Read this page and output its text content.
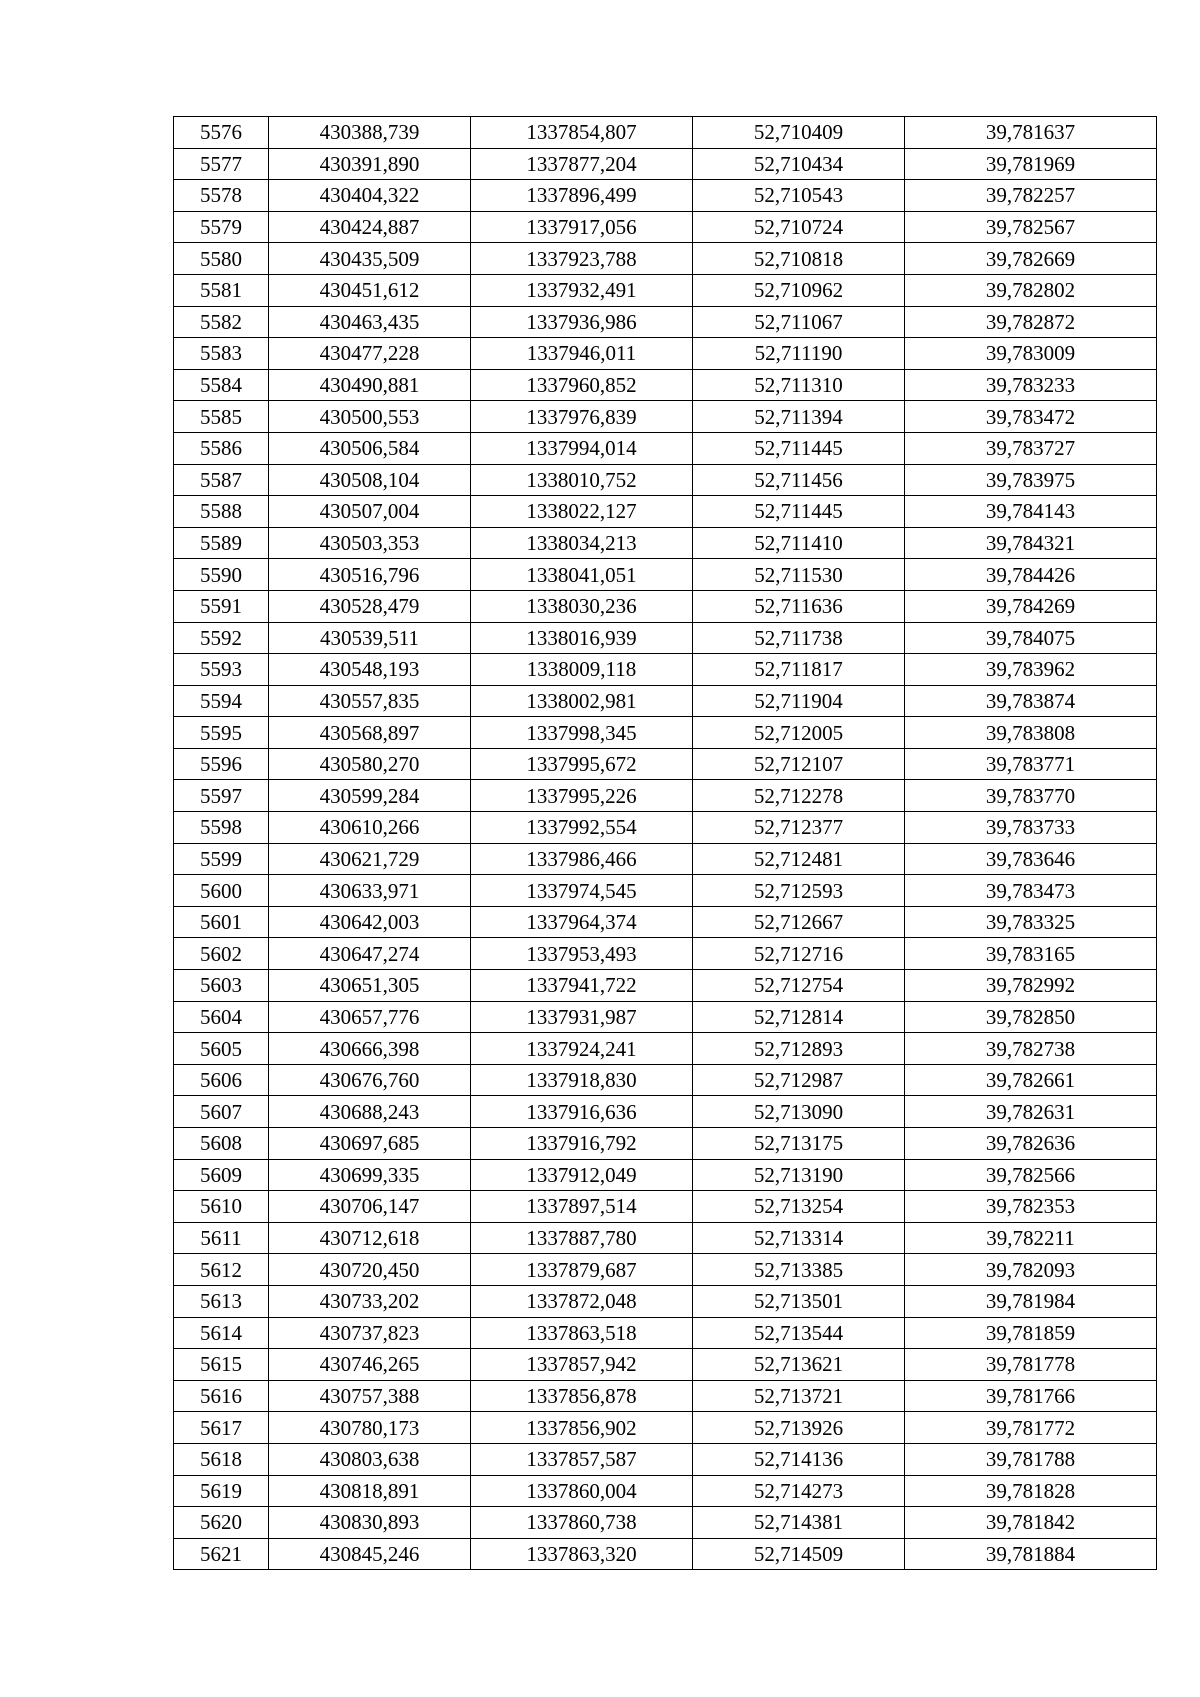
5576	430388,739	1337854,807	52,710409	39,781637
5577	430391,890	1337877,204	52,710434	39,781969
5578	430404,322	1337896,499	52,710543	39,782257
5579	430424,887	1337917,056	52,710724	39,782567
5580	430435,509	1337923,788	52,710818	39,782669
5581	430451,612	1337932,491	52,710962	39,782802
5582	430463,435	1337936,986	52,711067	39,782872
5583	430477,228	1337946,011	52,711190	39,783009
5584	430490,881	1337960,852	52,711310	39,783233
5585	430500,553	1337976,839	52,711394	39,783472
5586	430506,584	1337994,014	52,711445	39,783727
5587	430508,104	1338010,752	52,711456	39,783975
5588	430507,004	1338022,127	52,711445	39,784143
5589	430503,353	1338034,213	52,711410	39,784321
5590	430516,796	1338041,051	52,711530	39,784426
5591	430528,479	1338030,236	52,711636	39,784269
5592	430539,511	1338016,939	52,711738	39,784075
5593	430548,193	1338009,118	52,711817	39,783962
5594	430557,835	1338002,981	52,711904	39,783874
5595	430568,897	1337998,345	52,712005	39,783808
5596	430580,270	1337995,672	52,712107	39,783771
5597	430599,284	1337995,226	52,712278	39,783770
5598	430610,266	1337992,554	52,712377	39,783733
5599	430621,729	1337986,466	52,712481	39,783646
5600	430633,971	1337974,545	52,712593	39,783473
5601	430642,003	1337964,374	52,712667	39,783325
5602	430647,274	1337953,493	52,712716	39,783165
5603	430651,305	1337941,722	52,712754	39,782992
5604	430657,776	1337931,987	52,712814	39,782850
5605	430666,398	1337924,241	52,712893	39,782738
5606	430676,760	1337918,830	52,712987	39,782661
5607	430688,243	1337916,636	52,713090	39,782631
5608	430697,685	1337916,792	52,713175	39,782636
5609	430699,335	1337912,049	52,713190	39,782566
5610	430706,147	1337897,514	52,713254	39,782353
5611	430712,618	1337887,780	52,713314	39,782211
5612	430720,450	1337879,687	52,713385	39,782093
5613	430733,202	1337872,048	52,713501	39,781984
5614	430737,823	1337863,518	52,713544	39,781859
5615	430746,265	1337857,942	52,713621	39,781778
5616	430757,388	1337856,878	52,713721	39,781766
5617	430780,173	1337856,902	52,713926	39,781772
5618	430803,638	1337857,587	52,714136	39,781788
5619	430818,891	1337860,004	52,714273	39,781828
5620	430830,893	1337860,738	52,714381	39,781842
5621	430845,246	1337863,320	52,714509	39,781884
